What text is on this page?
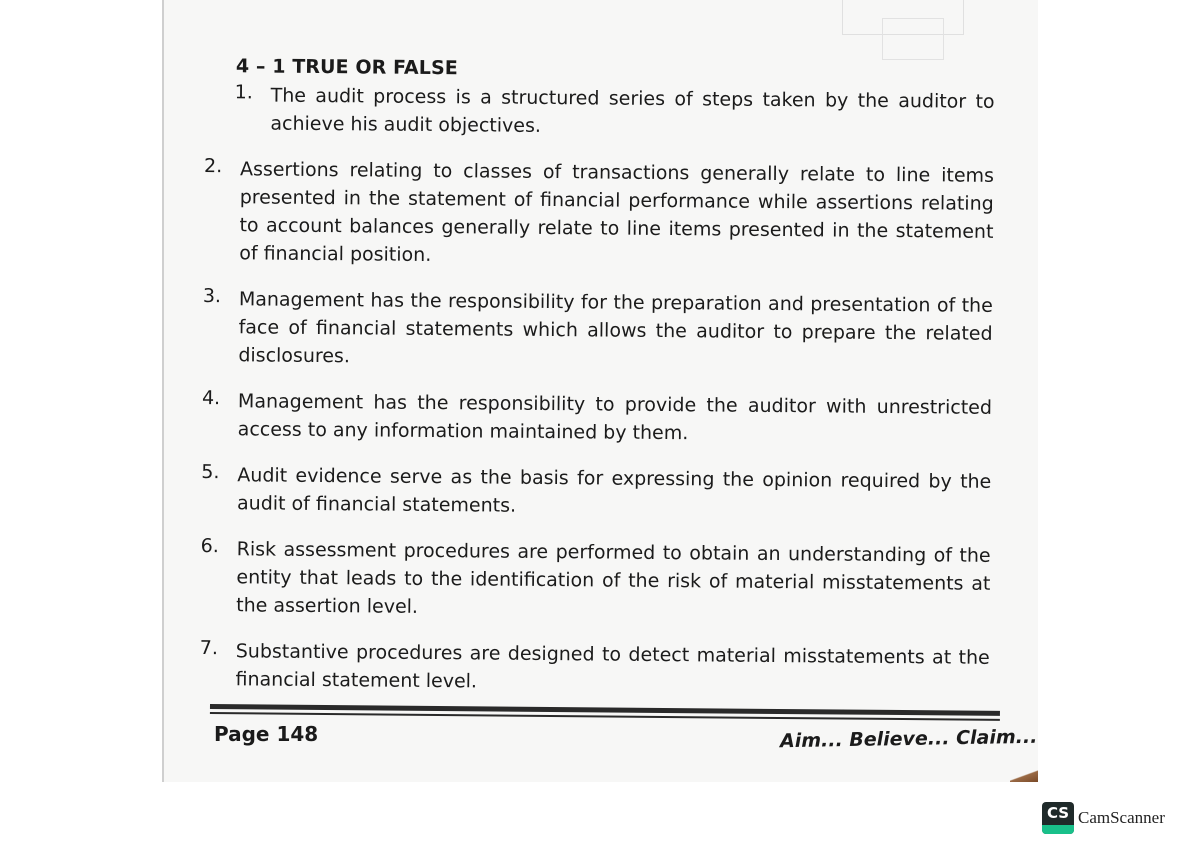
4 – 1 TRUE OR FALSE
1. The audit process is a structured series of steps taken by the auditor to achieve his audit objectives.
2. Assertions relating to classes of transactions generally relate to line items presented in the statement of financial performance while assertions relating to account balances generally relate to line items presented in the statement of financial position.
3. Management has the responsibility for the preparation and presentation of the face of financial statements which allows the auditor to prepare the related disclosures.
4. Management has the responsibility to provide the auditor with unrestricted access to any information maintained by them.
5. Audit evidence serve as the basis for expressing the opinion required by the audit of financial statements.
6. Risk assessment procedures are performed to obtain an understanding of the entity that leads to the identification of the risk of material misstatements at the assertion level.
7. Substantive procedures are designed to detect material misstatements at the financial statement level.
Page 148	Aim... Believe... Claim...
CS CamScanner
